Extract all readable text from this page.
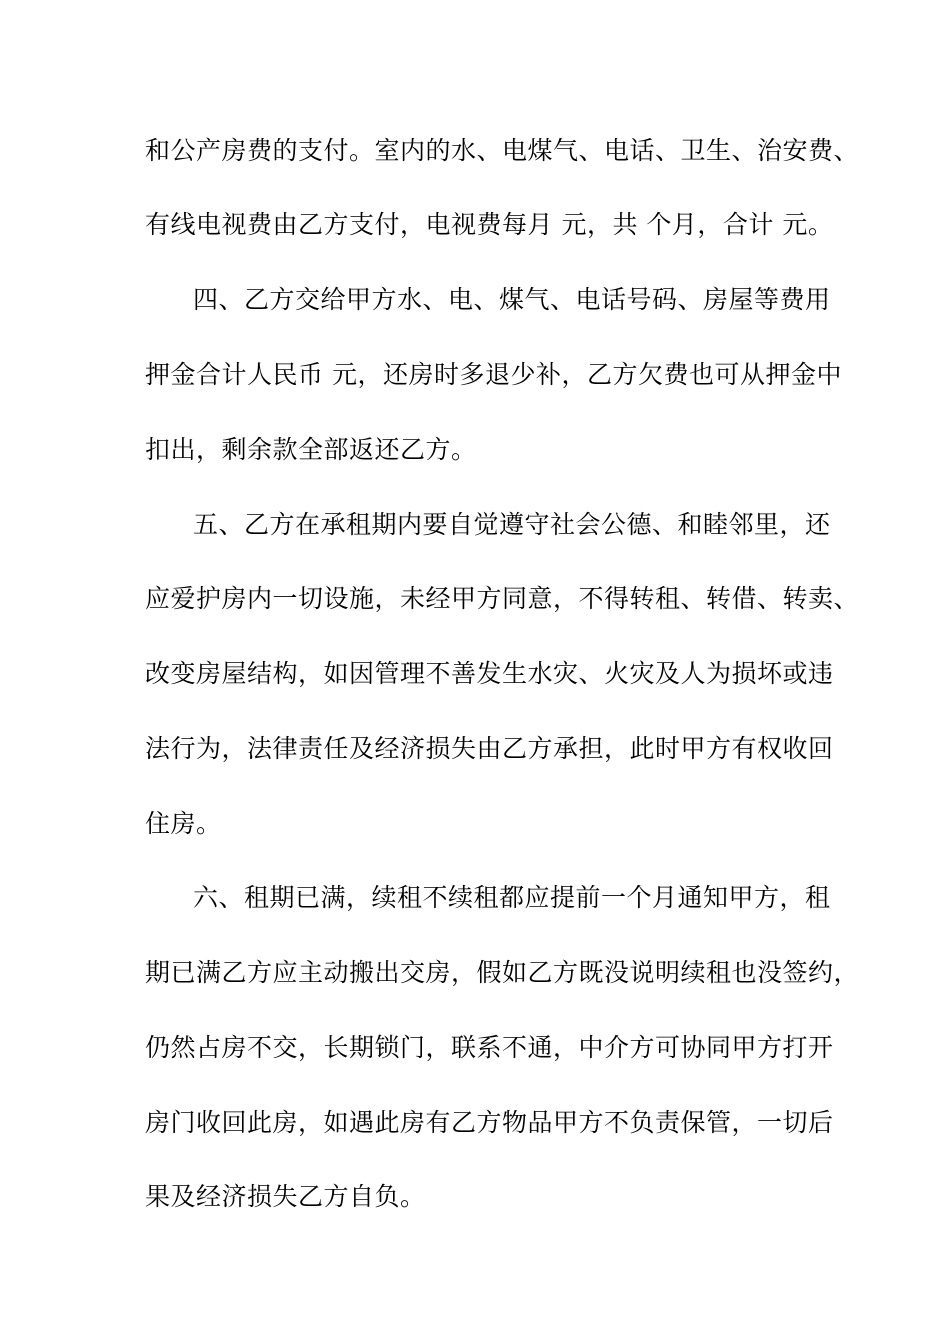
和公产房费的支付。室内的水、电煤气、电话、卫生、治安费、
有线电视费由乙方支付，电视费每月 元，共 个月，合计 元。
四、乙方交给甲方水、电、煤气、电话号码、房屋等费用
押金合计人民币 元，还房时多退少补，乙方欠费也可从押金中
扣出，剩余款全部返还乙方。
五、乙方在承租期内要自觉遵守社会公德、和睦邻里，还
应爱护房内一切设施，未经甲方同意，不得转租、转借、转卖、
改变房屋结构，如因管理不善发生水灾、火灾及人为损坏或违
法行为，法律责任及经济损失由乙方承担，此时甲方有权收回
住房。
六、租期已满，续租不续租都应提前一个月通知甲方，租
期已满乙方应主动搬出交房，假如乙方既没说明续租也没签约，
仍然占房不交，长期锁门，联系不通，中介方可协同甲方打开
房门收回此房，如遇此房有乙方物品甲方不负责保管，一切后
果及经济损失乙方自负。
